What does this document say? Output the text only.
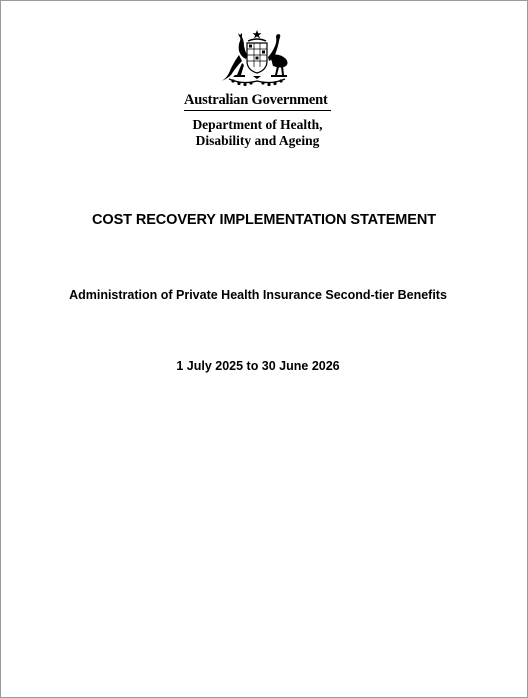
Australian Government
Department of Health,
Disability and Ageing
COST RECOVERY IMPLEMENTATION STATEMENT
Administration of Private Health Insurance Second-tier Benefits
1 July 2025 to 30 June 2026
